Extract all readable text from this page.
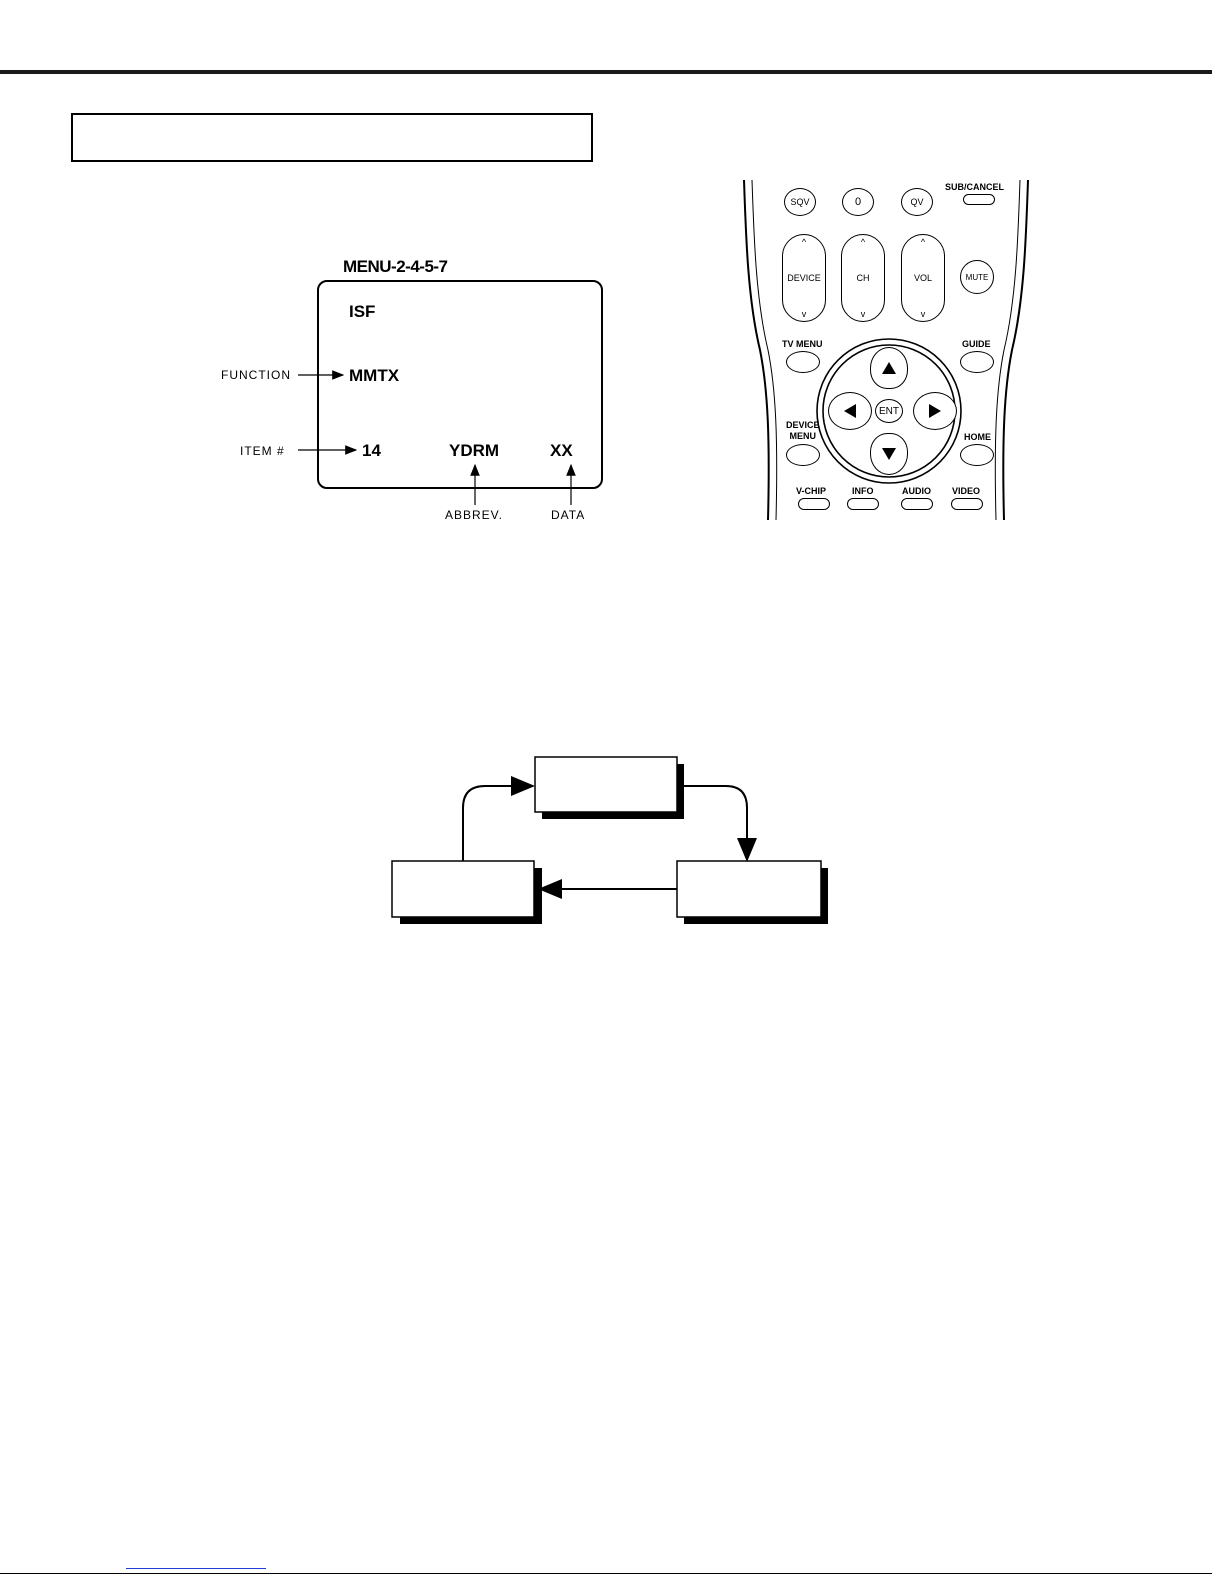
MENU-2-4-5-7
ISF
MMTX
14	YDRM	XX
FUNCTION
ITEM #
ABBREV.	DATA
SQV	0	QV
SUB/CANCEL
^
DEVICE
v
^
CH
v
^
VOL
v
MUTE
TV MENU	GUIDE
ENT
DEVICE
MENU	HOME
V-CHIP	INFO	AUDIO VIDEO
